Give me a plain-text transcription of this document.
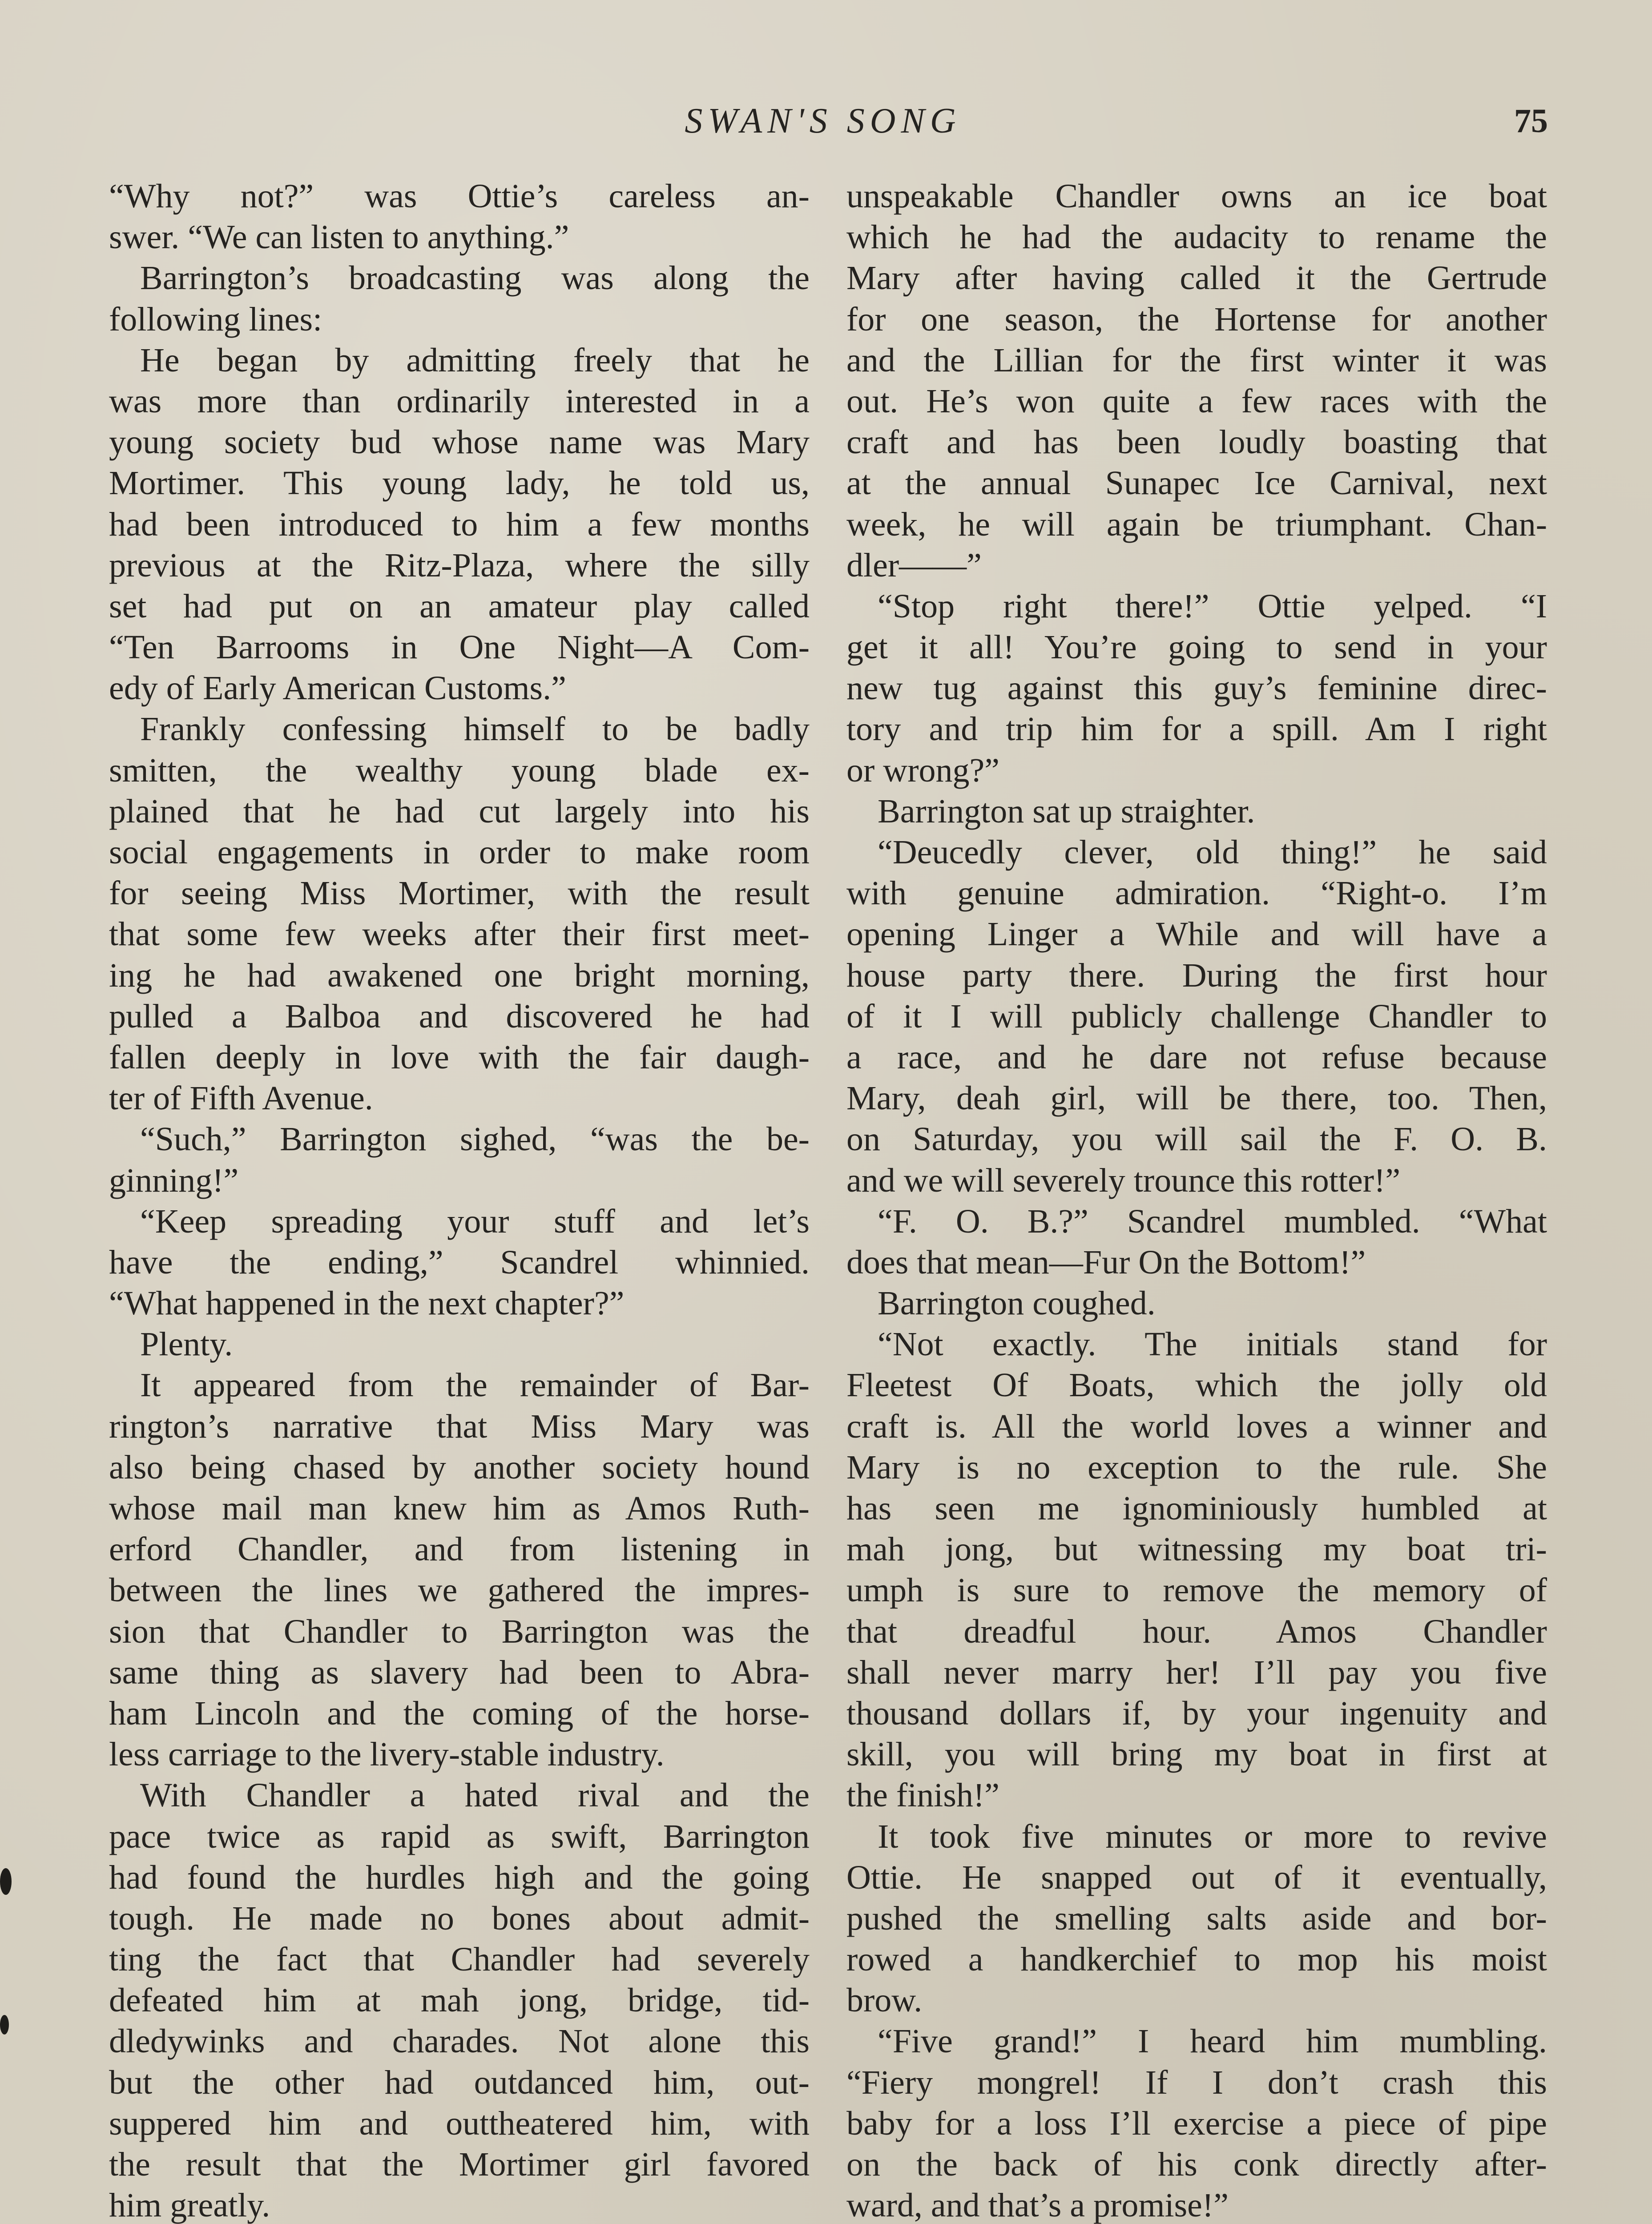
SWAN'S SONG	75
“Why not?” was Ottie’s careless an-
swer. “We can listen to anything.”
Barrington’s broadcasting was along the
following lines:
He began by admitting freely that he
was more than ordinarily interested in a
young society bud whose name was Mary
Mortimer. This young lady, he told us,
had been introduced to him a few months
previous at the Ritz-Plaza, where the silly
set had put on an amateur play called
“Ten Barrooms in One Night—A Com-
edy of Early American Customs.”
Frankly confessing himself to be badly
smitten, the wealthy young blade ex-
plained that he had cut largely into his
social engagements in order to make room
for seeing Miss Mortimer, with the result
that some few weeks after their first meet-
ing he had awakened one bright morning,
pulled a Balboa and discovered he had
fallen deeply in love with the fair daugh-
ter of Fifth Avenue.
“Such,” Barrington sighed, “was the be-
ginning!”
“Keep spreading your stuff and let’s
have the ending,” Scandrel whinnied.
“What happened in the next chapter?”
Plenty.
It appeared from the remainder of Bar-
rington’s narrative that Miss Mary was
also being chased by another society hound
whose mail man knew him as Amos Ruth-
erford Chandler, and from listening in
between the lines we gathered the impres-
sion that Chandler to Barrington was the
same thing as slavery had been to Abra-
ham Lincoln and the coming of the horse-
less carriage to the livery-stable industry.
With Chandler a hated rival and the
pace twice as rapid as swift, Barrington
had found the hurdles high and the going
tough. He made no bones about admit-
ting the fact that Chandler had severely
defeated him at mah jong, bridge, tid-
dledywinks and charades. Not alone this
but the other had outdanced him, out-
suppered him and outtheatered him, with
the result that the Mortimer girl favored
him greatly.
unspeakable Chandler owns an ice boat
which he had the audacity to rename the
Mary after having called it the Gertrude
for one season, the Hortense for another
and the Lillian for the first winter it was
out. He’s won quite a few races with the
craft and has been loudly boasting that
at the annual Sunapec Ice Carnival, next
week, he will again be triumphant. Chan-
dler——”
“Stop right there!” Ottie yelped. “I
get it all! You’re going to send in your
new tug against this guy’s feminine direc-
tory and trip him for a spill. Am I right
or wrong?”
Barrington sat up straighter.
“Deucedly clever, old thing!” he said
with genuine admiration. “Right-o. I’m
opening Linger a While and will have a
house party there. During the first hour
of it I will publicly challenge Chandler to
a race, and he dare not refuse because
Mary, deah girl, will be there, too. Then,
on Saturday, you will sail the F. O. B.
and we will severely trounce this rotter!”
“F. O. B.?” Scandrel mumbled. “What
does that mean—Fur On the Bottom!”
Barrington coughed.
“Not exactly. The initials stand for
Fleetest Of Boats, which the jolly old
craft is. All the world loves a winner and
Mary is no exception to the rule. She
has seen me ignominiously humbled at
mah jong, but witnessing my boat tri-
umph is sure to remove the memory of
that dreadful hour. Amos Chandler
shall never marry her! I’ll pay you five
thousand dollars if, by your ingenuity and
skill, you will bring my boat in first at
the finish!”
It took five minutes or more to revive
Ottie. He snapped out of it eventually,
pushed the smelling salts aside and bor-
rowed a handkerchief to mop his moist
brow.
“Five grand!” I heard him mumbling.
“Fiery mongrel! If I don’t crash this
baby for a loss I’ll exercise a piece of pipe
on the back of his conk directly after-
ward, and that’s a promise!”
